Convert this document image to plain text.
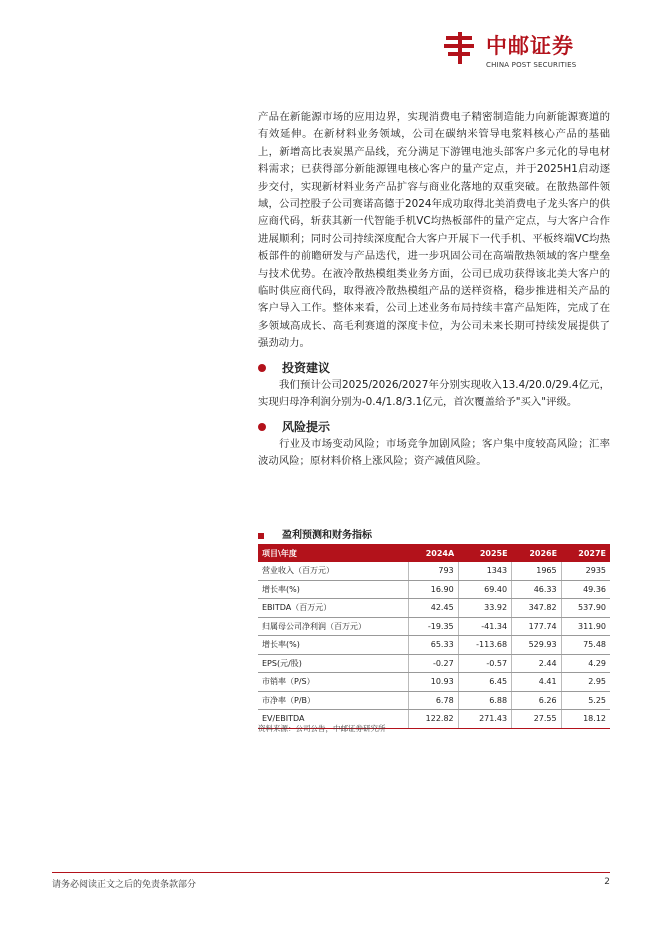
中邮证券
CHINA POST SECURITIES

产品在新能源市场的应用边界，实现消费电子精密制造能力向新能源赛道的有效延伸。在新材料业务领域，公司在碳纳米管导电浆料核心产品的基础上，新增高比表炭黑产品线，充分满足下游锂电池头部客户多元化的导电材料需求；已获得部分新能源锂电核心客户的量产定点，并于2025H1启动逐步交付，实现新材料业务产品扩容与商业化落地的双重突破。在散热部件领域，公司控股子公司赛诺高德于2024年成功取得北美消费电子龙头客户的供应商代码，斩获其新一代智能手机VC均热板部件的量产定点，与大客户合作进展顺利；同时公司持续深度配合大客户开展下一代手机、平板终端VC均热板部件的前瞻研发与产品迭代，进一步巩固公司在高端散热领域的客户壁垒与技术优势。在液冷散热模组类业务方面，公司已成功获得该北美大客户的临时供应商代码，取得液冷散热模组产品的送样资格，稳步推进相关产品的客户导入工作。整体来看，公司上述业务布局持续丰富产品矩阵，完成了在多领域高成长、高毛利赛道的深度卡位，为公司未来长期可持续发展提供了强劲动力。

投资建议

我们预计公司2025/2026/2027年分别实现收入13.4/20.0/29.4亿元，实现归母净利润分别为-0.4/1.8/3.1亿元，首次覆盖给予"买入"评级。

风险提示

行业及市场变动风险；市场竞争加剧风险；客户集中度较高风险；汇率波动风险；原材料价格上涨风险；资产减值风险。

盈利预测和财务指标
项目\年度	2024A	2025E	2026E	2027E
营业收入（百万元）	793	1343	1965	2935
增长率(%)	16.90	69.40	46.33	49.36
EBITDA（百万元）	42.45	33.92	347.82	537.90
归属母公司净利润（百万元）	-19.35	-41.34	177.74	311.90
增长率(%)	65.33	-113.68	529.93	75.48
EPS(元/股)	-0.27	-0.57	2.44	4.29
市销率（P/S）	10.93	6.45	4.41	2.95
市净率（P/B）	6.78	6.88	6.26	5.25
EV/EBITDA	122.82	271.43	27.55	18.12
资料来源：公司公告，中邮证券研究所
请务必阅读正文之后的免责条款部分	2
